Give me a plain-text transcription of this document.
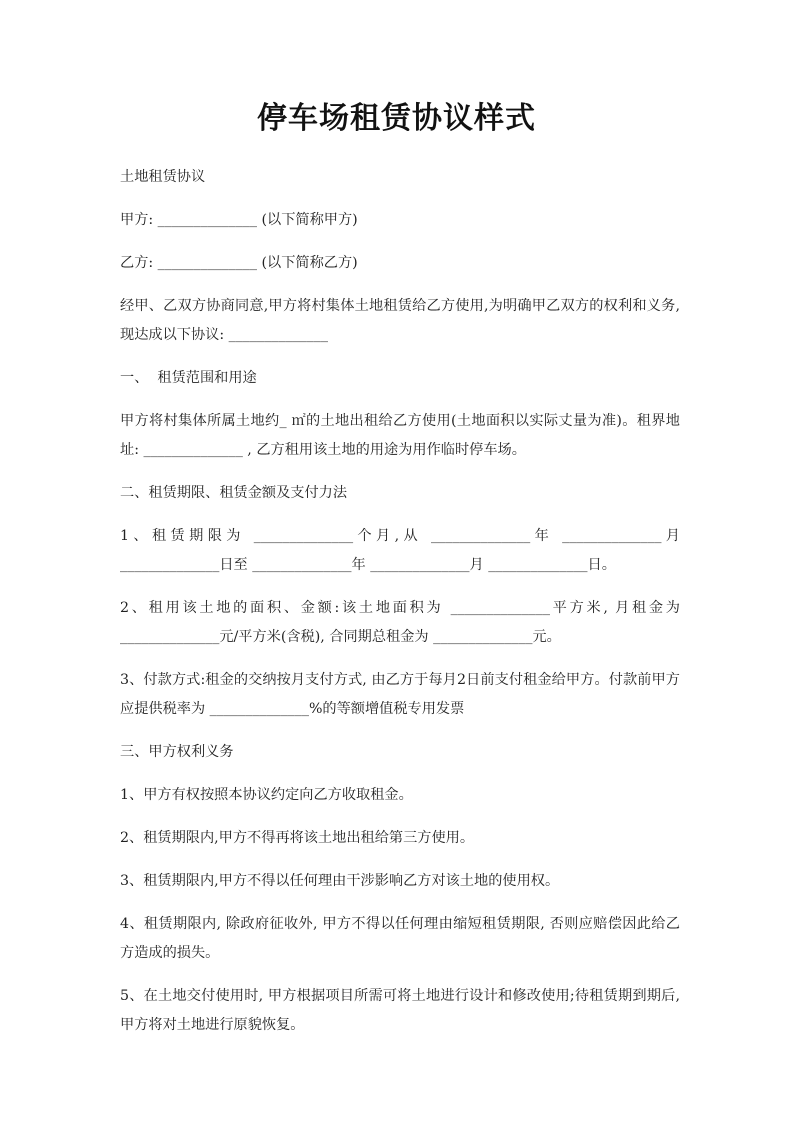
停车场租赁协议样式

土地租赁协议

甲方: ______________ (以下简称甲方)

乙方: ______________ (以下简称乙方)

经甲、乙双方协商同意,甲方将村集体土地租赁给乙方使用,为明确甲乙双方的权利和义务, 现达成以下协议: ______________

一、  租赁范围和用途

甲方将村集体所属土地约_ ㎡的土地出租给乙方使用(土地面积以实际丈量为准)。租界地址: ______________ , 乙方租用该土地的用途为用作临时停车场。

二、租赁期限、租赁金额及支付力法

1、租赁期限为 ______________个月,从 ______________年 ______________月______________日至 ______________年 ______________月 ______________日。

2、租用该土地的面积、金额:该土地面积为 ______________平方米, 月租金为______________元/平方米(含税), 合同期总租金为 ______________元。

3、付款方式:租金的交纳按月支付方式, 由乙方于每月2日前支付租金给甲方。付款前甲方应提供税率为 ______________%的等额增值税专用发票

三、甲方权利义务

1、甲方有权按照本协议约定向乙方收取租金。

2、租赁期限内,甲方不得再将该土地出租给第三方使用。

3、租赁期限内,甲方不得以任何理由干涉影响乙方对该土地的使用权。

4、租赁期限内, 除政府征收外, 甲方不得以任何理由缩短租赁期限, 否则应赔偿因此给乙方造成的损失。

5、在土地交付使用时, 甲方根据项目所需可将土地进行设计和修改使用;待租赁期到期后, 甲方将对土地进行原貌恢复。
